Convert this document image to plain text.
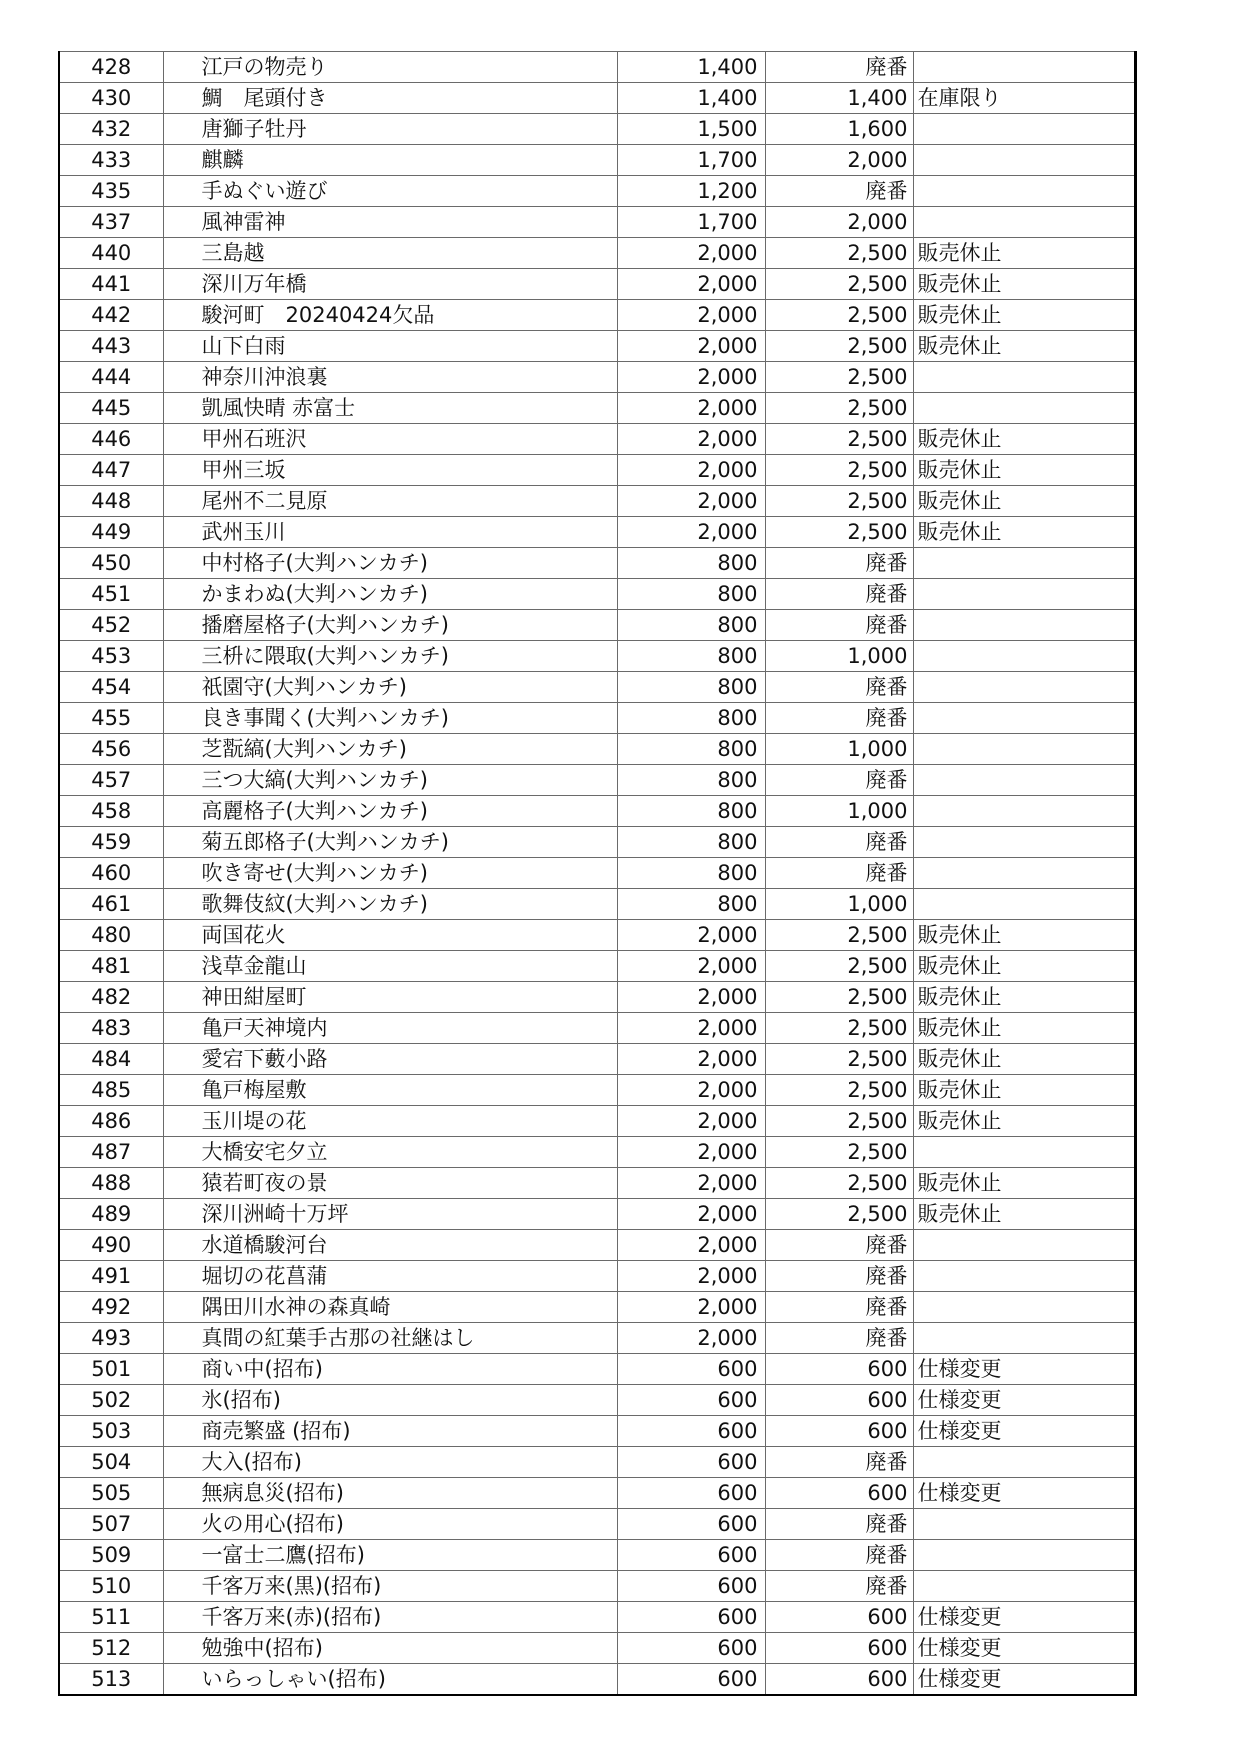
428	江戸の物売り	1,400	廃番	
430	鯛　尾頭付き	1,400	1,400	在庫限り
432	唐獅子牡丹	1,500	1,600	
433	麒麟	1,700	2,000	
435	手ぬぐい遊び	1,200	廃番	
437	風神雷神	1,700	2,000	
440	三島越	2,000	2,500	販売休止
441	深川万年橋	2,000	2,500	販売休止
442	駿河町　20240424欠品	2,000	2,500	販売休止
443	山下白雨	2,000	2,500	販売休止
444	神奈川沖浪裏	2,000	2,500	
445	凱風快晴 赤富士	2,000	2,500	
446	甲州石班沢	2,000	2,500	販売休止
447	甲州三坂	2,000	2,500	販売休止
448	尾州不二見原	2,000	2,500	販売休止
449	武州玉川	2,000	2,500	販売休止
450	中村格子(大判ハンカチ)	800	廃番	
451	かまわぬ(大判ハンカチ)	800	廃番	
452	播磨屋格子(大判ハンカチ)	800	廃番	
453	三枡に隈取(大判ハンカチ)	800	1,000	
454	祇園守(大判ハンカチ)	800	廃番	
455	良き事聞く(大判ハンカチ)	800	廃番	
456	芝翫縞(大判ハンカチ)	800	1,000	
457	三つ大縞(大判ハンカチ)	800	廃番	
458	高麗格子(大判ハンカチ)	800	1,000	
459	菊五郎格子(大判ハンカチ)	800	廃番	
460	吹き寄せ(大判ハンカチ)	800	廃番	
461	歌舞伎紋(大判ハンカチ)	800	1,000	
480	両国花火	2,000	2,500	販売休止
481	浅草金龍山	2,000	2,500	販売休止
482	神田紺屋町	2,000	2,500	販売休止
483	亀戸天神境内	2,000	2,500	販売休止
484	愛宕下藪小路	2,000	2,500	販売休止
485	亀戸梅屋敷	2,000	2,500	販売休止
486	玉川堤の花	2,000	2,500	販売休止
487	大橋安宅夕立	2,000	2,500	
488	猿若町夜の景	2,000	2,500	販売休止
489	深川洲崎十万坪	2,000	2,500	販売休止
490	水道橋駿河台	2,000	廃番	
491	堀切の花菖蒲	2,000	廃番	
492	隅田川水神の森真崎	2,000	廃番	
493	真間の紅葉手古那の社継はし	2,000	廃番	
501	商い中(招布)	600	600	仕様変更
502	氷(招布)	600	600	仕様変更
503	商売繁盛 (招布)	600	600	仕様変更
504	大入(招布)	600	廃番	
505	無病息災(招布)	600	600	仕様変更
507	火の用心(招布)	600	廃番	
509	一富士二鷹(招布)	600	廃番	
510	千客万来(黒)(招布)	600	廃番	
511	千客万来(赤)(招布)	600	600	仕様変更
512	勉強中(招布)	600	600	仕様変更
513	いらっしゃい(招布)	600	600	仕様変更
